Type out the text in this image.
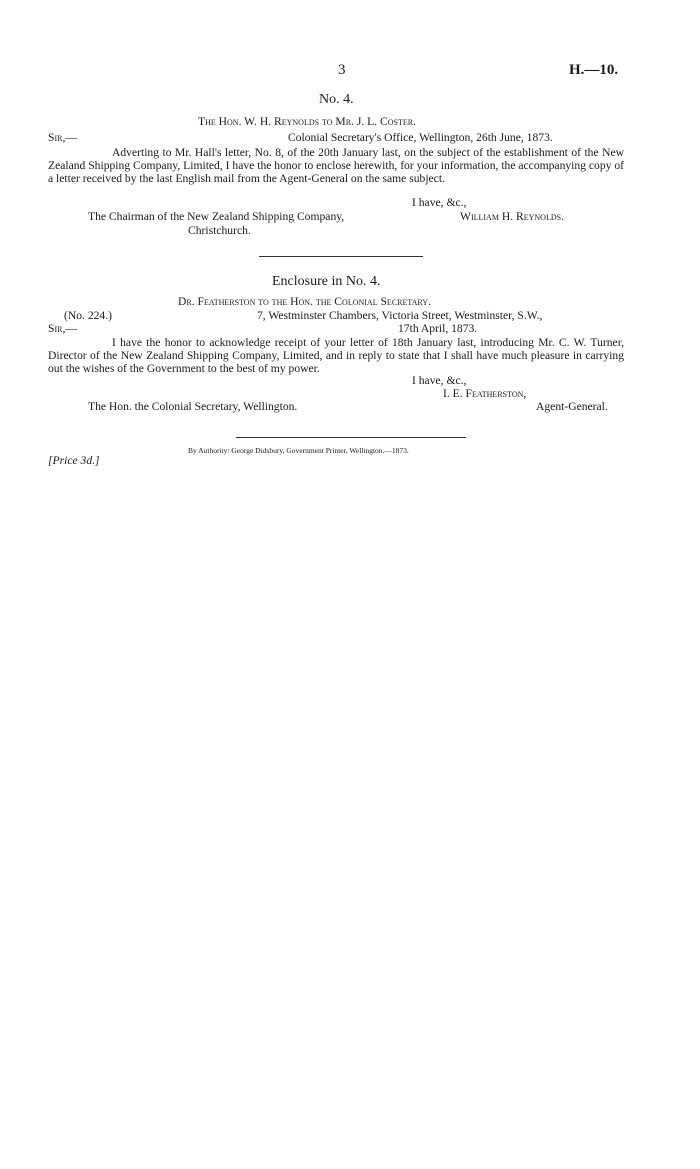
3	H.—10.
No. 4.
The Hon. W. H. Reynolds to Mr. J. L. Coster.
Sir,—	Colonial Secretary's Office, Wellington, 26th June, 1873.
Adverting to Mr. Hall's letter, No. 8, of the 20th January last, on the subject of the establishment of the New Zealand Shipping Company, Limited, I have the honor to enclose herewith, for your information, the accompanying copy of a letter received by the last English mail from the Agent-General on the same subject.
I have, &c.,
The Chairman of the New Zealand Shipping Company,	William H. Reynolds.
Christchurch.
Enclosure in No. 4.
Dr. Featherston to the Hon. the Colonial Secretary.
(No. 224.)	7, Westminster Chambers, Victoria Street, Westminster, S.W.,
Sir,—	17th April, 1873.
I have the honor to acknowledge receipt of your letter of 18th January last, introducing Mr. C. W. Turner, Director of the New Zealand Shipping Company, Limited, and in reply to state that I shall have much pleasure in carrying out the wishes of the Government to the best of my power.
I have, &c.,
I. E. Featherston,
The Hon. the Colonial Secretary, Wellington.	Agent-General.
By Authority: George Didsbury, Government Printer, Wellington.—1873.
[Price 3d.]
